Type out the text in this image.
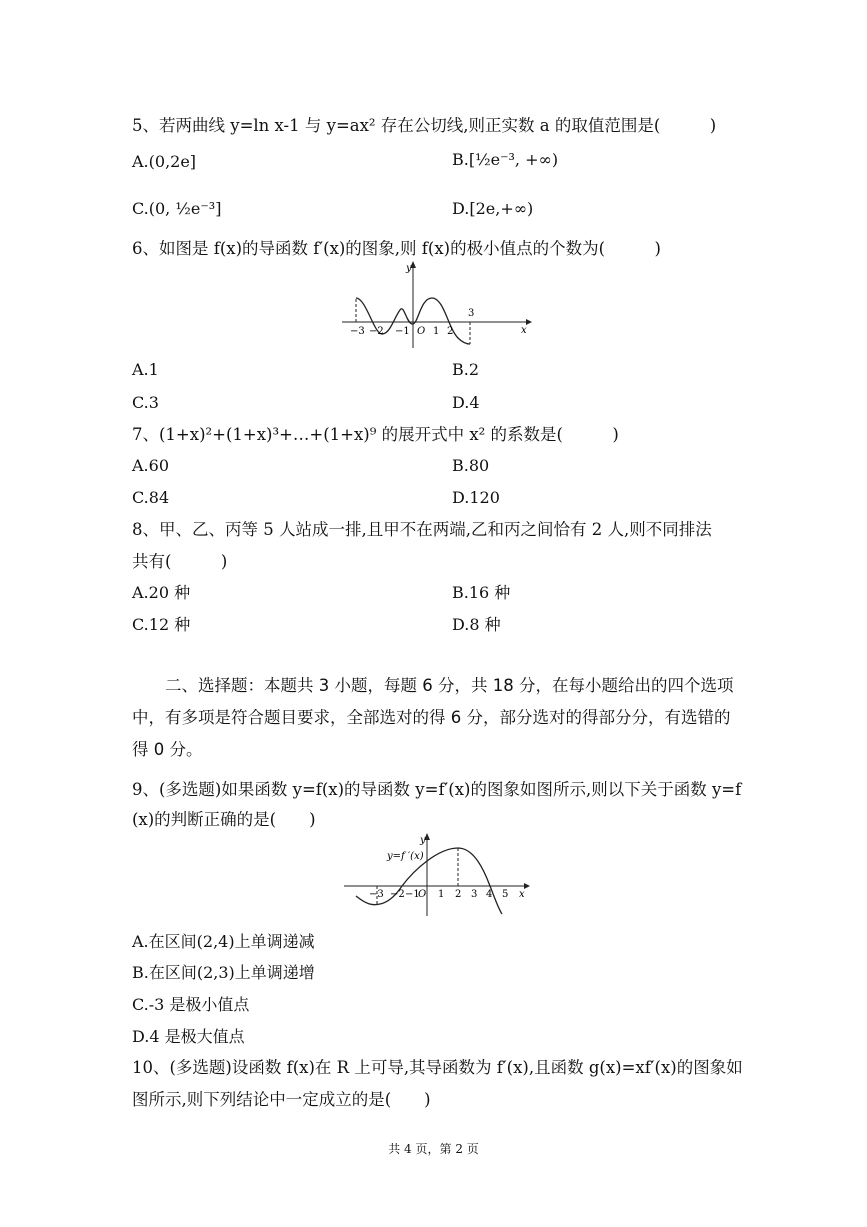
5、若两曲线 y=ln x-1 与 y=ax² 存在公切线,则正实数 a 的取值范围是(　　　)
A.(0,2e]	B.[½e⁻³, +∞)
C.(0, ½e⁻³]	D.[2e,+∞)
6、如图是 f(x)的导函数 f′(x)的图象,则 f(x)的极小值点的个数为(　　　)
y
x
−3 −2 −1 O 1 2
3
A.1	B.2
C.3	D.4
7、(1+x)²+(1+x)³+…+(1+x)⁹ 的展开式中 x² 的系数是(　　　)
A.60	B.80
C.84	D.120
8、甲、乙、丙等 5 人站成一排,且甲不在两端,乙和丙之间恰有 2 人,则不同排法
共有(　　　)
A.20 种	B.16 种
C.12 种	D.8 种
二、选择题：本题共 3 小题，每题 6 分，共 18 分，在每小题给出的四个选项中，有多项是符合题目要求，全部选对的得 6 分，部分选对的得部分分，有选错的得 0 分。
9、(多选题)如果函数 y=f(x)的导函数 y=f′(x)的图象如图所示,则以下关于函数 y=f
(x)的判断正确的是(　　)
y
x
y=f ′(x)
−3 −2 −1
O 1 2 3 4 5
A.在区间(2,4)上单调递减
B.在区间(2,3)上单调递增
C.-3 是极小值点
D.4 是极大值点
10、(多选题)设函数 f(x)在 R 上可导,其导函数为 f′(x),且函数 g(x)=xf′(x)的图象如
图所示,则下列结论中一定成立的是(　　)
共 4 页，第 2 页
